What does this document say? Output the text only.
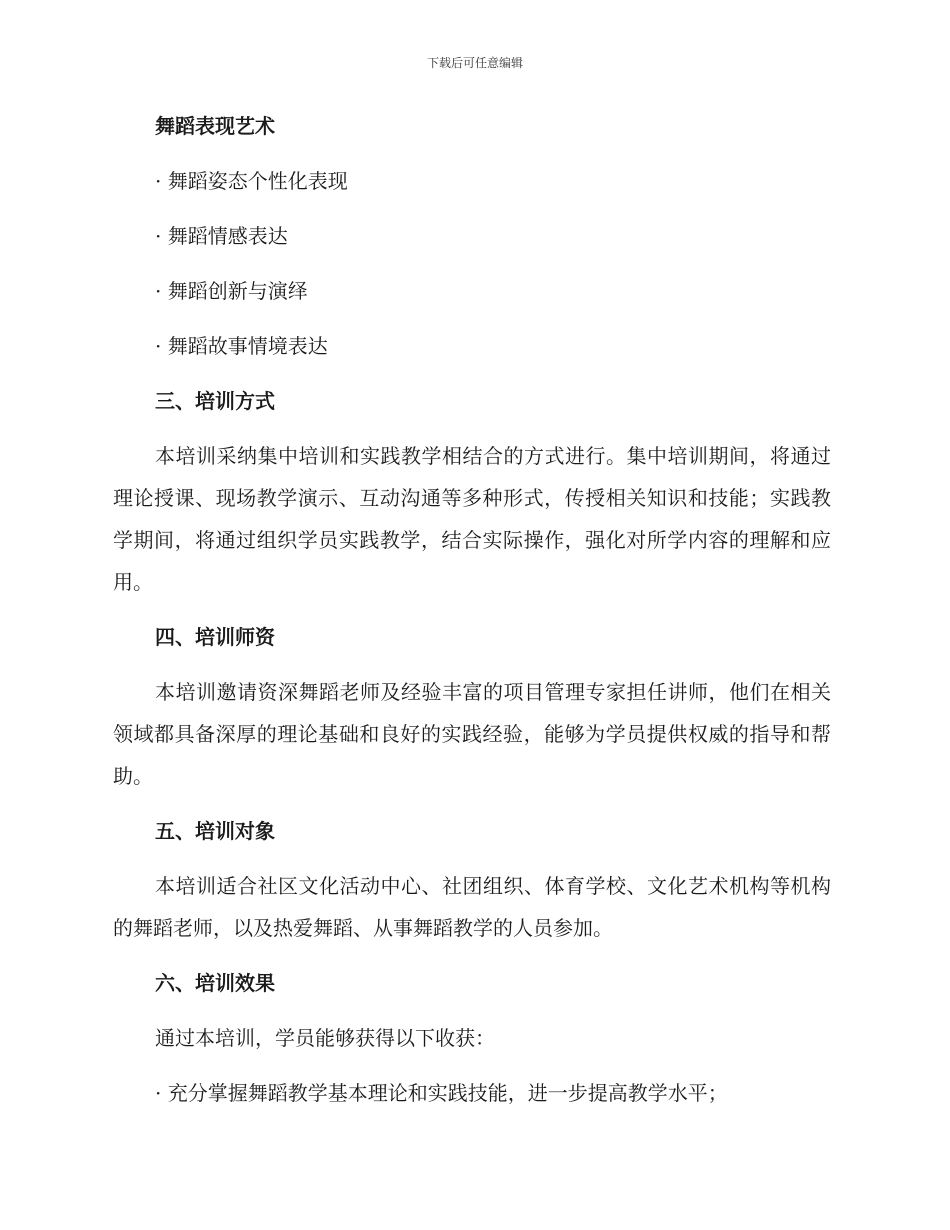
下载后可任意编辑
舞蹈表现艺术
· 舞蹈姿态个性化表现
· 舞蹈情感表达
· 舞蹈创新与演绎
· 舞蹈故事情境表达
三、培训方式

本培训采纳集中培训和实践教学相结合的方式进行。集中培训期间，将通过理论授课、现场教学演示、互动沟通等多种形式，传授相关知识和技能；实践教学期间，将通过组织学员实践教学，结合实际操作，强化对所学内容的理解和应用。

四、培训师资

本培训邀请资深舞蹈老师及经验丰富的项目管理专家担任讲师，他们在相关领域都具备深厚的理论基础和良好的实践经验，能够为学员提供权威的指导和帮助。

五、培训对象

本培训适合社区文化活动中心、社团组织、体育学校、文化艺术机构等机构的舞蹈老师，以及热爱舞蹈、从事舞蹈教学的人员参加。

六、培训效果
通过本培训，学员能够获得以下收获：
· 充分掌握舞蹈教学基本理论和实践技能，进一步提高教学水平；
